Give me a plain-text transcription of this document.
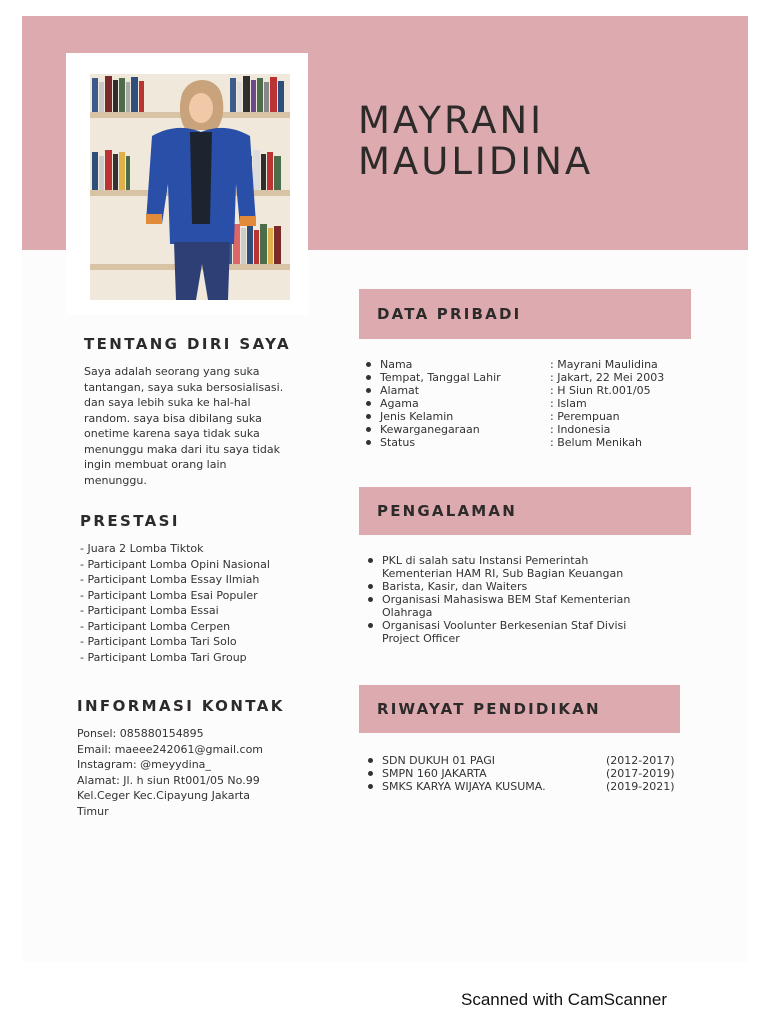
MAYRANI
MAULIDINA
TENTANG DIRI SAYA
Saya adalah seorang yang suka
tantangan, saya suka bersosialisasi.
dan saya lebih suka ke hal-hal
random. saya bisa dibilang suka
onetime karena saya tidak suka
menunggu maka dari itu saya tidak
ingin membuat orang lain
menunggu.
PRESTASI
- Juara 2 Lomba Tiktok
- Participant Lomba Opini Nasional
- Participant Lomba Essay Ilmiah
- Participant Lomba Esai Populer
- Participant Lomba Essai
- Participant Lomba Cerpen
- Participant Lomba Tari Solo
- Participant Lomba Tari Group
INFORMASI KONTAK
Ponsel: 085880154895
Email: maeee242061@gmail.com
Instagram: @meyydina_
Alamat: Jl. h siun Rt001/05 No.99
Kel.Ceger Kec.Cipayung Jakarta
Timur
DATA PRIBADI
Nama	: Mayrani Maulidina
Tempat, Tanggal Lahir	: Jakart, 22 Mei 2003
Alamat	: H Siun Rt.001/05
Agama	: Islam
Jenis Kelamin	: Perempuan
Kewarganegaraan	: Indonesia
Status	: Belum Menikah
PENGALAMAN
PKL di salah satu Instansi Pemerintah
Kementerian HAM RI, Sub Bagian Keuangan
Barista, Kasir, dan Waiters
Organisasi Mahasiswa BEM Staf Kementerian
Olahraga
Organisasi Voolunter Berkesenian Staf Divisi
Project Officer
RIWAYAT PENDIDIKAN
SDN DUKUH 01 PAGI	(2012-2017)
SMPN 160 JAKARTA	(2017-2019)
SMKS KARYA WIJAYA KUSUMA.	(2019-2021)
Scanned with CamScanner
